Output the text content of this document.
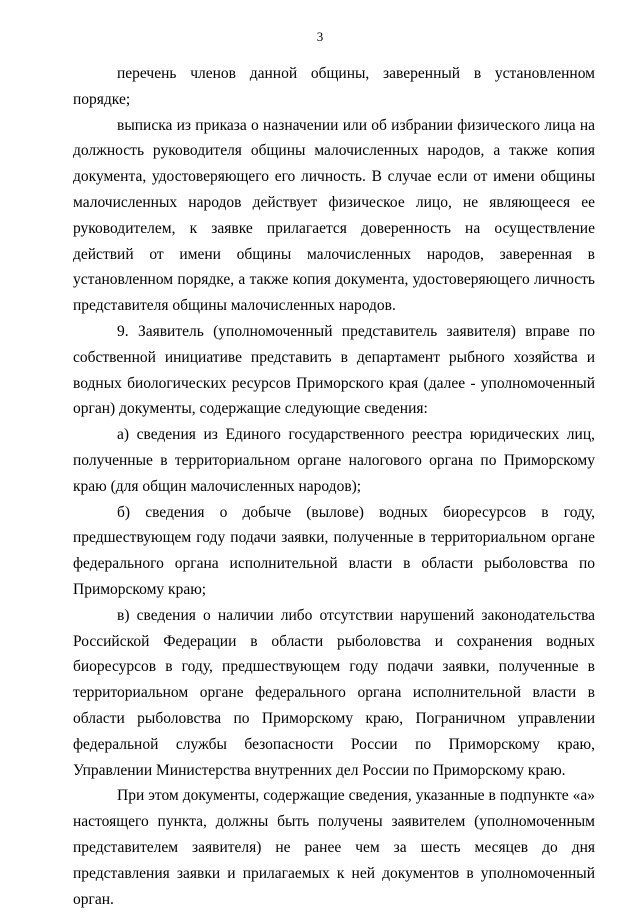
3

перечень членов данной общины, заверенный в установленном порядке;

выписка из приказа о назначении или об избрании физического лица на должность руководителя общины малочисленных народов, а также копия документа, удостоверяющего его личность. В случае если от имени общины малочисленных народов действует физическое лицо, не являющееся ее руководителем, к заявке прилагается доверенность на осуществление действий от имени общины малочисленных народов, заверенная в установленном порядке, а также копия документа, удостоверяющего личность представителя общины малочисленных народов.

9. Заявитель (уполномоченный представитель заявителя) вправе по собственной инициативе представить в департамент рыбного хозяйства и водных биологических ресурсов Приморского края (далее - уполномоченный орган) документы, содержащие следующие сведения:

а) сведения из Единого государственного реестра юридических лиц, полученные в территориальном органе налогового органа по Приморскому краю (для общин малочисленных народов);

б) сведения о добыче (вылове) водных биоресурсов в году, предшествующем году подачи заявки, полученные в территориальном органе федерального органа исполнительной власти в области рыболовства по Приморскому краю;

в) сведения о наличии либо отсутствии нарушений законодательства Российской Федерации в области рыболовства и сохранения водных биоресурсов в году, предшествующем году подачи заявки, полученные в территориальном органе федерального органа исполнительной власти в области рыболовства по Приморскому краю, Пограничном управлении федеральной службы безопасности России по Приморскому краю, Управлении Министерства внутренних дел России по Приморскому краю.

При этом документы, содержащие сведения, указанные в подпункте «а» настоящего пункта, должны быть получены заявителем (уполномоченным представителем заявителя) не ранее чем за шесть месяцев до дня представления заявки и прилагаемых к ней документов в уполномоченный орган.
